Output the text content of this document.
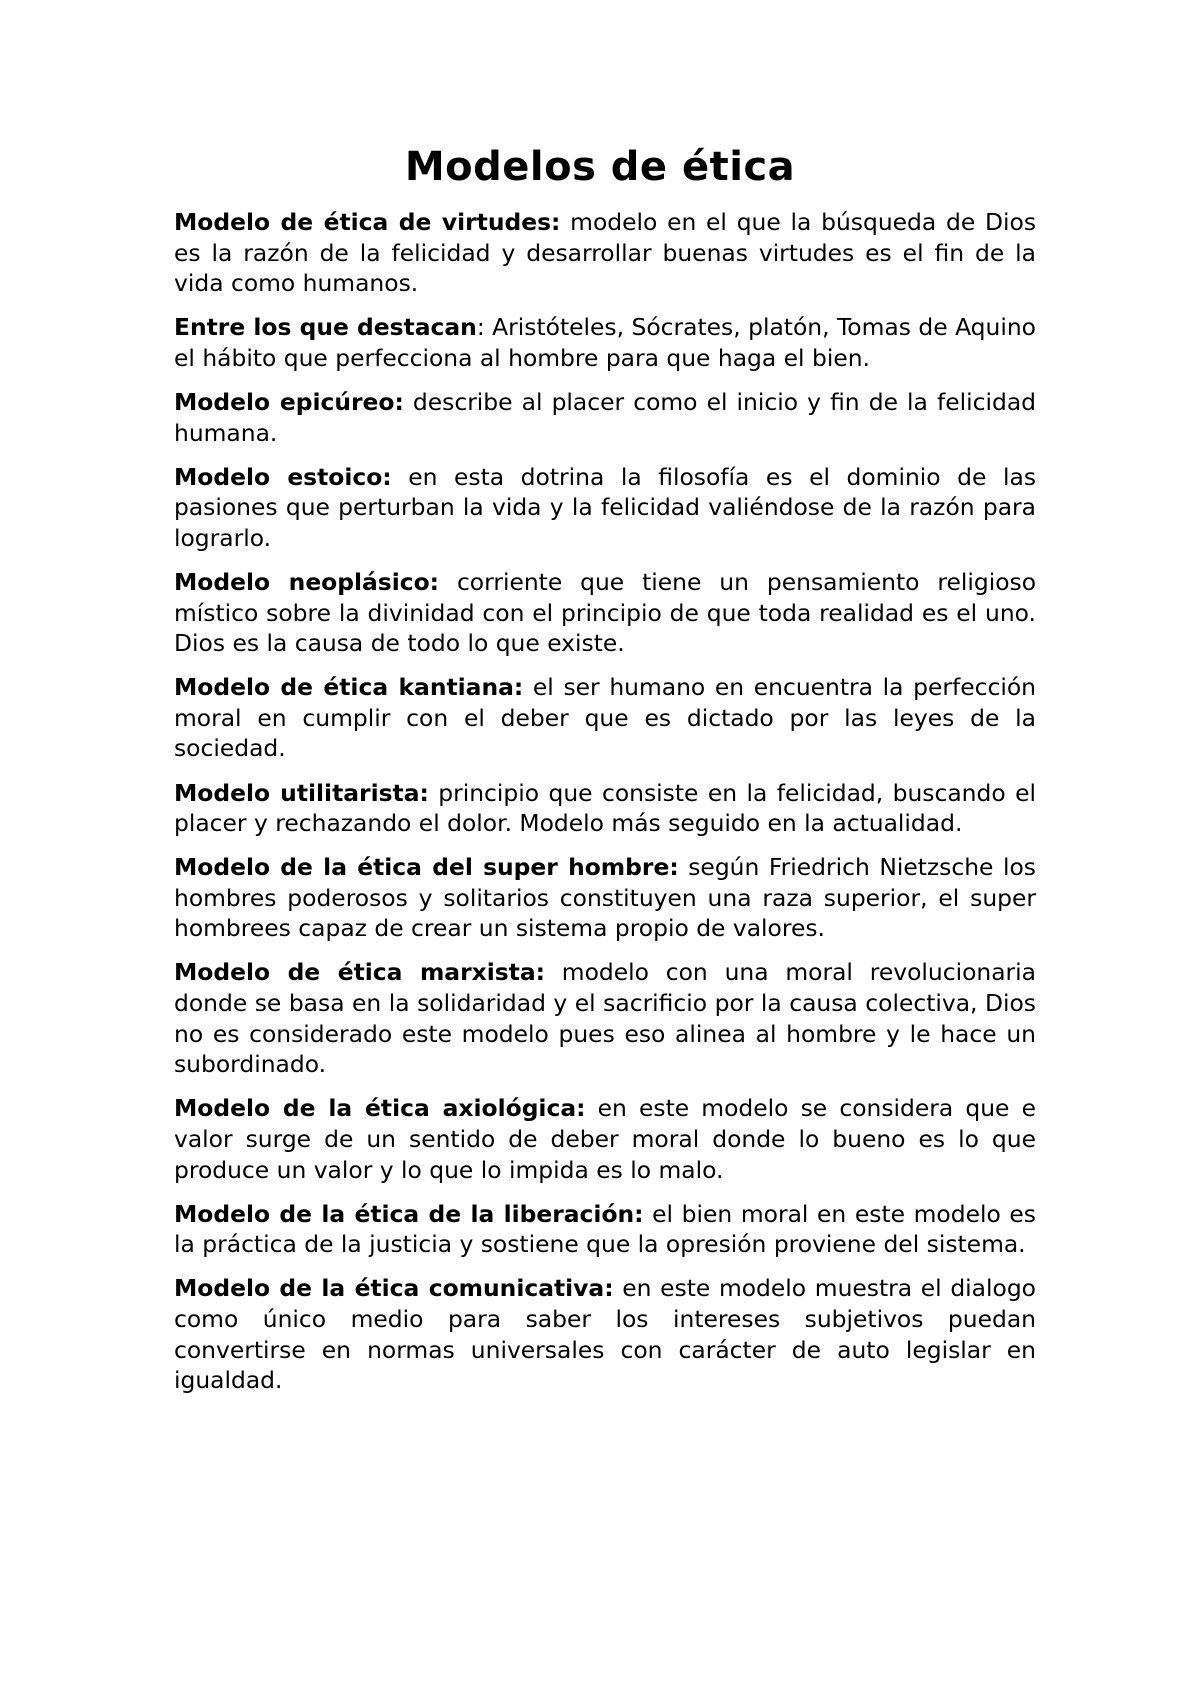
Modelos de ética

Modelo de ética de virtudes: modelo en el que la búsqueda de Dios es la razón de la felicidad y desarrollar buenas virtudes es el fin de la vida como humanos.

Entre los que destacan: Aristóteles, Sócrates, platón, Tomas de Aquino el hábito que perfecciona al hombre para que haga el bien.

Modelo epicúreo: describe al placer como el inicio y fin de la felicidad humana.

Modelo estoico: en esta dotrina la filosofía es el dominio de las pasiones que perturban la vida y la felicidad valiéndose de la razón para lograrlo.

Modelo neoplásico: corriente que tiene un pensamiento religioso místico sobre la divinidad con el principio de que toda realidad es el uno. Dios es la causa de todo lo que existe.

Modelo de ética kantiana: el ser humano en encuentra la perfección moral en cumplir con el deber que es dictado por las leyes de la sociedad.

Modelo utilitarista: principio que consiste en la felicidad, buscando el placer y rechazando el dolor. Modelo más seguido en la actualidad.

Modelo de la ética del super hombre: según Friedrich Nietzsche los hombres poderosos y solitarios constituyen una raza superior, el super hombrees capaz de crear un sistema propio de valores.

Modelo de ética marxista: modelo con una moral revolucionaria donde se basa en la solidaridad y el sacrificio por la causa colectiva, Dios no es considerado este modelo pues eso alinea al hombre y le hace un subordinado.

Modelo de la ética axiológica: en este modelo se considera que e valor surge de un sentido de deber moral donde lo bueno es lo que produce un valor y lo que lo impida es lo malo.

Modelo de la ética de la liberación: el bien moral en este modelo es la práctica de la justicia y sostiene que la opresión proviene del sistema.

Modelo de la ética comunicativa: en este modelo muestra el dialogo como único medio para saber los intereses subjetivos puedan convertirse en normas universales con carácter de auto legislar en igualdad.
